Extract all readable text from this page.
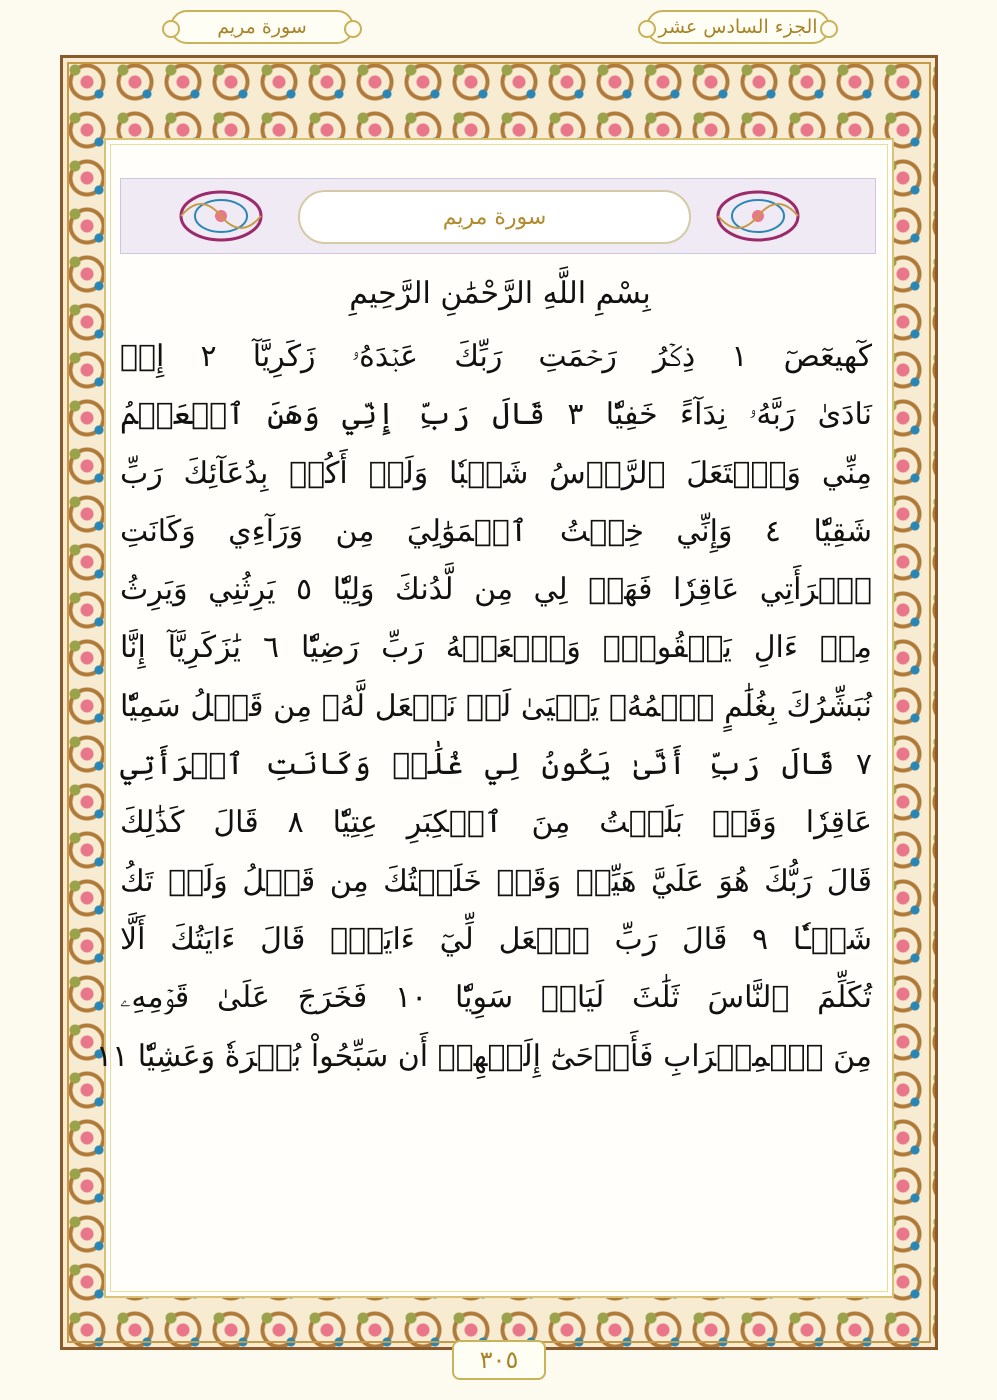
سورة مريم	الجزء السادس عشر
سورة مريم
بِسْمِ اللَّهِ الرَّحْمَٰنِ الرَّحِيمِ
كٓهيعٓصٓ ١ ذِكۡرُ رَحۡمَتِ رَبِّكَ عَبۡدَهُۥ زَكَرِيَّآ ٢ إِذۡ
نَادَىٰ رَبَّهُۥ نِدَآءً خَفِيّٗا ٣ قَالَ رَبِّ إِنِّي وَهَنَ ٱلۡعَظۡمُ
مِنِّي وَٱشۡتَعَلَ ٱلرَّأۡسُ شَيۡبٗا وَلَمۡ أَكُنۢ بِدُعَآئِكَ رَبِّ
شَقِيّٗا ٤ وَإِنِّي خِفۡتُ ٱلۡمَوَٰلِيَ مِن وَرَآءِي وَكَانَتِ
ٱمۡرَأَتِي عَاقِرٗا فَهَبۡ لِي مِن لَّدُنكَ وَلِيّٗا ٥ يَرِثُنِي وَيَرِثُ
مِنۡ ءَالِ يَعۡقُوبَۖ وَٱجۡعَلۡهُ رَبِّ رَضِيّٗا ٦ يَٰزَكَرِيَّآ إِنَّا
نُبَشِّرُكَ بِغُلَٰمٍ ٱسۡمُهُۥ يَحۡيَىٰ لَمۡ نَجۡعَل لَّهُۥ مِن قَبۡلُ سَمِيّٗا
٧ قَالَ رَبِّ أَنَّىٰ يَكُونُ لِي غُلَٰمٞ وَكَانَتِ ٱمۡرَأَتِي
عَاقِرٗا وَقَدۡ بَلَغۡتُ مِنَ ٱلۡكِبَرِ عِتِيّٗا ٨ قَالَ كَذَٰلِكَ
قَالَ رَبُّكَ هُوَ عَلَيَّ هَيِّنٞ وَقَدۡ خَلَقۡتُكَ مِن قَبۡلُ وَلَمۡ تَكُ
شَيۡـٔٗا ٩ قَالَ رَبِّ ٱجۡعَل لِّيٓ ءَايَةٗۚ قَالَ ءَايَتُكَ أَلَّا
تُكَلِّمَ ٱلنَّاسَ ثَلَٰثَ لَيَالٖ سَوِيّٗا ١٠ فَخَرَجَ عَلَىٰ قَوۡمِهِۦ
مِنَ ٱلۡمِحۡرَابِ فَأَوۡحَىٰٓ إِلَيۡهِمۡ أَن سَبِّحُواْ بُكۡرَةٗ وَعَشِيّٗا ١١
٣٠٥
